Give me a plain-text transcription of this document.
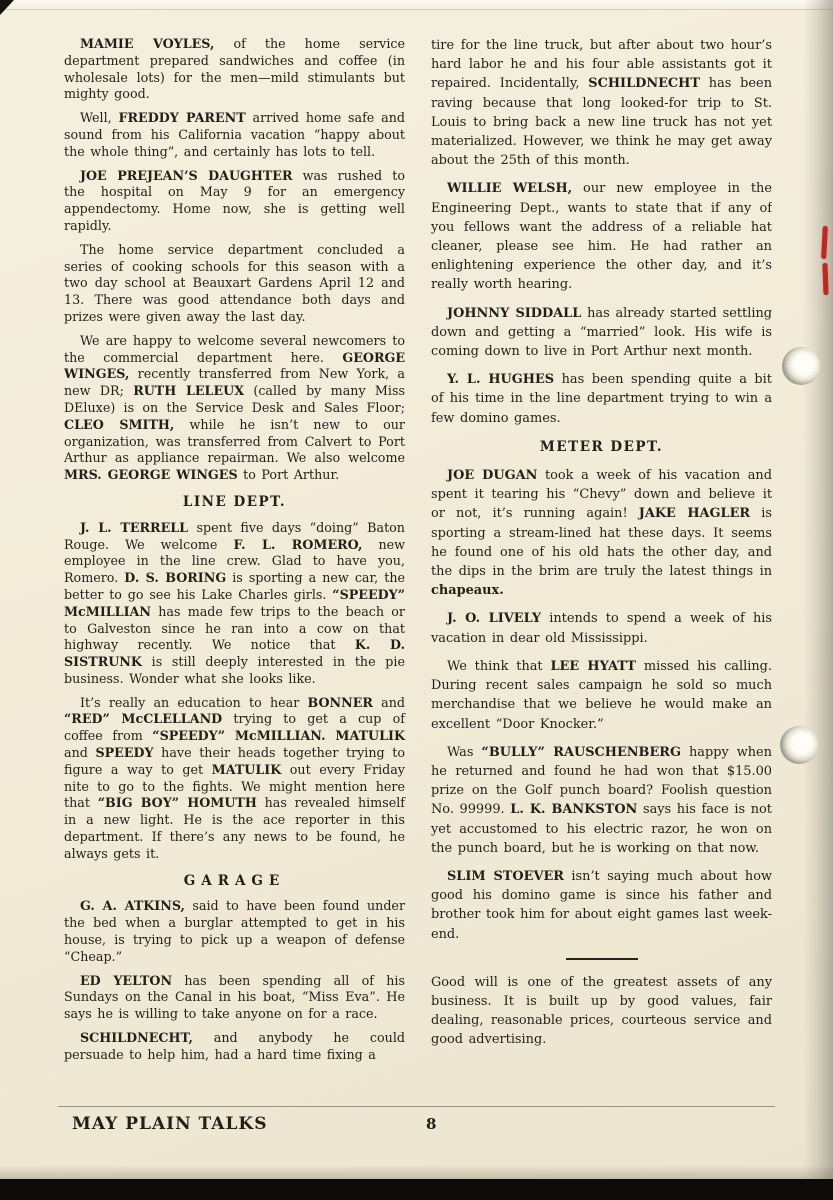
MAMIE VOYLES, of the home service department prepared sandwiches and coffee (in wholesale lots) for the men—mild stimulants but mighty good.

Well, FREDDY PARENT arrived home safe and sound from his California vacation “happy about the whole thing”, and certainly has lots to tell.

JOE PREJEAN’S DAUGHTER was rushed to the hospital on May 9 for an emergency appendectomy. Home now, she is getting well rapidly.

The home service department concluded a series of cooking schools for this season with a two day school at Beauxart Gardens April 12 and 13. There was good attendance both days and prizes were given away the last day.

We are happy to welcome several newcomers to the commercial department here. GEORGE WINGES, recently transferred from New York, a new DR; RUTH LELEUX (called by many Miss DEluxe) is on the Service Desk and Sales Floor; CLEO SMITH, while he isn’t new to our organization, was transferred from Calvert to Port Arthur as appliance repairman. We also welcome MRS. GEORGE WINGES to Port Arthur.

LINE DEPT.

J. L. TERRELL spent five days “doing” Baton Rouge. We welcome F. L. ROMERO, new employee in the line crew. Glad to have you, Romero. D. S. BORING is sporting a new car, the better to go see his Lake Charles girls. “SPEEDY” McMILLIAN has made few trips to the beach or to Galveston since he ran into a cow on that highway recently. We notice that K. D. SISTRUNK is still deeply interested in the pie business. Wonder what she looks like.

It’s really an education to hear BONNER and “RED” McCLELLAND trying to get a cup of coffee from “SPEEDY” McMILLIAN. MATULIK and SPEEDY have their heads together trying to figure a way to get MATULIK out every Friday nite to go to the fights. We might mention here that “BIG BOY” HOMUTH has revealed himself in a new light. He is the ace reporter in this department. If there’s any news to be found, he always gets it.

GARAGE

G. A. ATKINS, said to have been found under the bed when a burglar attempted to get in his house, is trying to pick up a weapon of defense “Cheap.”

ED YELTON has been spending all of his Sundays on the Canal in his boat, “Miss Eva”. He says he is willing to take anyone on for a race.

SCHILDNECHT, and anybody he could persuade to help him, had a hard time fixing a

tire for the line truck, but after about two hour’s hard labor he and his four able assistants got it repaired. Incidentally, SCHILDNECHT has been raving because that long looked-for trip to St. Louis to bring back a new line truck has not yet materialized. However, we think he may get away about the 25th of this month.

WILLIE WELSH, our new employee in the Engineering Dept., wants to state that if any of you fellows want the address of a reliable hat cleaner, please see him. He had rather an enlightening experience the other day, and it’s really worth hearing.

JOHNNY SIDDALL has already started settling down and getting a “married” look. His wife is coming down to live in Port Arthur next month.

Y. L. HUGHES has been spending quite a bit of his time in the line department trying to win a few domino games.

METER DEPT.

JOE DUGAN took a week of his vacation and spent it tearing his “Chevy” down and believe it or not, it’s running again! JAKE HAGLER is sporting a stream-lined hat these days. It seems he found one of his old hats the other day, and the dips in the brim are truly the latest things in chapeaux.

J. O. LIVELY intends to spend a week of his vacation in dear old Mississippi.

We think that LEE HYATT missed his calling. During recent sales campaign he sold so much merchandise that we believe he would make an excellent “Door Knocker.”

Was “BULLY” RAUSCHENBERG happy when he returned and found he had won that $15.00 prize on the Golf punch board? Foolish question No. 99999. L. K. BANKSTON says his face is not yet accustomed to his electric razor, he won on the punch board, but he is working on that now.

SLIM STOEVER isn’t saying much about how good his domino game is since his father and brother took him for about eight games last week-end.

Good will is one of the greatest assets of any business. It is built up by good values, fair dealing, reasonable prices, courteous service and good advertising.

MAY PLAIN TALKS	8
